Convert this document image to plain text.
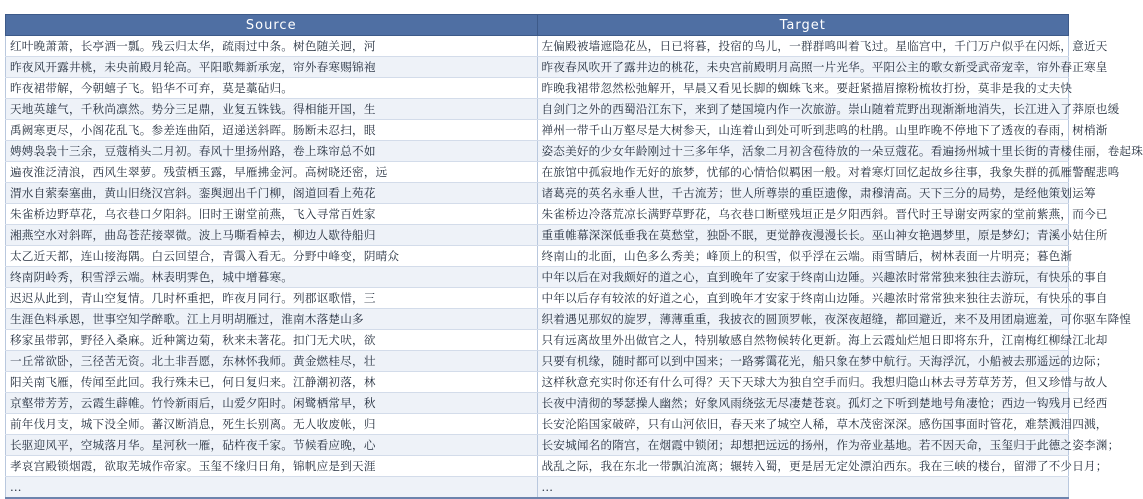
Source	Target
红叶晚萧萧，长亭酒一瓢。残云归太华，疏雨过中条。树色随关迥，河	左偏殿被墙遮隐花丛，日已将暮，投宿的鸟儿，一群群鸣叫着飞过。星临宫中，千门万户似乎在闪烁，意近天
昨夜风开露井桃，未央前殿月轮高。平阳歌舞新承宠，帘外春寒赐锦袍	昨夜春风吹开了露井边的桃花，未央宫前殿明月高照一片光华。平阳公主的歌女新受武帝宠幸，帘外春正寒皇
昨夜裙带解，今朝蟢子飞。铅华不可弃，莫是藁砧归。	昨晚我裙带忽然松弛解开，早晨又看见长脚的蜘蛛飞来。要赶紧描眉擦粉梳妆打扮，莫非是我的丈夫快
天地英雄气，千秋尚凛然。势分三足鼎，业复五铢钱。得相能开国，生	自剑门之外的西蜀沿江东下，来到了楚国境内作一次旅游。崇山随着荒野出现渐渐地消失，长江进入了莽原也缓
禹阙寒更尽，小阁花乱飞。参差连曲陌，迢递送斜晖。肠断未忍扫，眼	禅州一带千山万壑尽是大树参天，山连着山到处可听到悲鸣的杜鹃。山里昨晚不停地下了透夜的春雨，树梢渐
娉娉袅袅十三余，豆蔻梢头二月初。春风十里扬州路，卷上珠帘总不如	姿态美好的少女年龄刚过十三多年华，活象二月初含苞待放的一朵豆蔻花。看遍扬州城十里长街的青楼佳丽，卷起珠
遍夜淮泛清浪，西风生翠萝。残萤栖玉露，早雁拂金河。高树晓还密，远	在旅馆中孤寂地作无好的旅梦，忧郁的心情恰似羁困一般。对着寒灯回忆起故乡往事，我象失群的孤雁警醒悲鸣
渭水自萦秦塞曲，黄山旧绕汉宫斜。銮舆迥出千门柳，阁道回看上苑花	诸葛亮的英名永垂人世，千古流芳；世人所尊崇的重臣遗像，肃穆清高。天下三分的局势，是经他策划运筹
朱雀桥边野草花，乌衣巷口夕阳斜。旧时王谢堂前燕，飞入寻常百姓家	朱雀桥边冷落荒凉长满野草野花，乌衣巷口断壁残垣正是夕阳西斜。晋代时王导谢安两家的堂前紫燕，而今已
湘燕空水对斜晖，曲岛苍茫接翠微。波上马嘶看棹去，柳边人歇待船归	重重帷幕深深低垂我在莫愁堂，独卧不眠，更觉静夜漫漫长长。巫山神女艳遇梦里，原是梦幻；青溪小姑住所
太乙近天都，连山接海隅。白云回望合，青霭入看无。分野中峰变，阴晴众	终南山的北面，山色多么秀美；峰顶上的积雪，似乎浮在云端。雨雪睛后，树林表面一片明亮；暮色渐
终南阴岭秀，积雪浮云端。林表明霁色，城中增暮寒。	中年以后在对我颇好的道之心，直到晚年了安家于终南山边陲。兴趣浓时常常独来独往去游玩，有快乐的事自
迟迟从此到，青山空复情。几时杯重把，昨夜月同行。列郡讴歌惜，三	中年以后存有较浓的好道之心，直到晚年才安家于终南山边陲。兴趣浓时常常独来独往去游玩，有快乐的事自
生涯色料承恩，世事空知学醉歌。江上月明胡雁过，淮南木落楚山多	织着遇见那奴的旋罗，薄薄重重，我披衣的圆顶罗帐，夜深夜超缝，都回避近，来不及用团扇遮羞，可你驱车降惶
移家虽带郭，野径入桑麻。近种篱边菊，秋来未著花。扣门无犬吠，欲	只有远离故里外出做官之人，特别敏感自然物候转化更新。海上云霞灿烂旭日即将东升，江南梅红柳绿江北却
一丘常欲卧，三径苦无资。北土非吾愿，东林怀我师。黄金燃桂尽，壮	只要有机缘，随时都可以到中国来；一路雾霭花光，船只象在梦中航行。天海浮沉，小船被去那遥远的边际；
阳关南飞雁，传闻至此回。我行殊未已，何日复归来。江静潮初落，林	这样秋意充实时你还有什么可得？天下天球大为独自空手而归。我想归隐山林去寻芳草芳芳，但又珍惜与故人
京壑带芳芳，云霞生薜帷。竹怜新雨后，山爱夕阳时。闲鹭栖常早，秋	长夜中清彻的琴瑟操人幽然；好象风雨绕弦无尽凄楚苍哀。孤灯之下听到楚地号角凄怆；西边一钩残月已经西
前年伐月支，城下没全师。蕃汉断消息，死生长别离。无人收废帐，归	长安沦陷国家破碎，只有山河依旧，春天来了城空人稀，草木茂密深深。感伤国事面时管花，难禁溅泪四溅，
长驱迎风平，空城落月华。星河秋一雁，砧杵夜千家。节候看应晚，心	长安城闻名的隋宫，在烟霞中锁闭；却想把远远的扬州，作为帝业基地。若不因天命，玉玺归于此德之姿李渊；
孝哀宫殿锁烟霞，欲取芜城作帝家。玉玺不缘归日角，锦帆应是到天涯	战乱之际，我在东北一带飘泊流离；辗转入蜀，更是居无定处漂泊西东。我在三峡的楼台，留滞了不少日月；
...	...
